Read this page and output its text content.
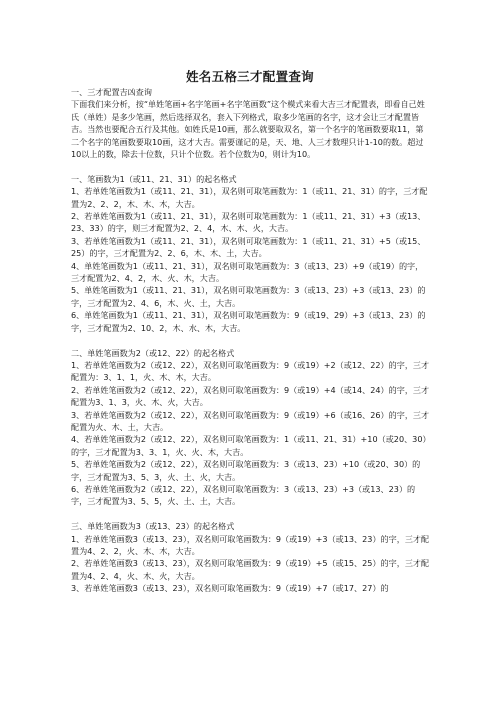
姓名五格三才配置查询

一、三才配置吉凶查询

下面我们来分析，按“单姓笔画+名字笔画+名字笔画数”这个模式来看大吉三才配置表，即看自己姓氏（单姓）是多少笔画，然后选择双名，套入下列格式，取多少笔画的名字，这才会让三才配置皆吉。当然也要配合五行及其他。如姓氏是10画，那么就要取双名，第一个名字的笔画数要取11，第二个名字的笔画数要取10画，这才大吉。需要谨记的是，天、地、人三才数理只计1-10的数。超过10以上的数，除去十位数，只计个位数。若个位数为0，则计为10。

一、笔画数为1（或11、21、31）的起名格式

1、若单姓笔画数为1（或11、21、31），双名则可取笔画数为：1（或11、21、31）的字，三才配置为2、2、2，木、木、木，大吉。

2、若单姓笔画数为1（或11、21、31），双名则可取笔画数为：1（或11、21、31）+3（或13、23、33）的字，则三才配置为2、2、4，木、木、火，大吉。

3、若单姓笔画数为1（或11、21、31），双名则可取笔画数为：1（或11、21、31）+5（或15、25）的字，三才配置为2、2、6，木、木、土，大吉。

4、单姓笔画数为1（或11、21、31），双名则可取笔画数为：3（或13、23）+9（或19）的字，三才配置为2、4、2，木、火、木，大吉。

5、单姓笔画数为1（或11、21、31），双名则可取笔画数为：3（或13、23）+3（或13、23）的字，三才配置为2、4、6，木、火、土，大吉。

6、单姓笔画数为1（或11、21、31），双名则可取笔画数为：9（或19、29）+3（或13、23）的字，三才配置为2、10、2，木、水、木，大吉。

二、单姓笔画数为2（或12、22）的起名格式

1、若单姓笔画数为2（或12、22），双名则可取笔画数为：9（或19）+2（或12、22）的字，三才配置为：3、1、1，火、木、木，大吉。

2、若单姓笔画数为2（或12、22），双名则可取笔画数为：9（或19）+4（或14、24）的字，三才配置为3、1、3，火、木、火，大吉。

3、若单姓笔画数为2（或12、22），双名则可取笔画数为：9（或19）+6（或16、26）的字，三才配置为火、木、土，大吉。

4、若单姓笔画数为2（或12、22），双名则可取笔画数为：1（或11、21、31）+10（或20、30）的字，三才配置为3、3、1，火、火、木，大吉。

5、若单姓笔画数为2（或12、22），双名则可取笔画数为：3（或13、23）+10（或20、30）的字，三才配置为3、5、3，火、土、火，大吉。

6、若单姓笔画数为2（或12、22），双名则可取笔画数为：3（或13、23）+3（或13、23）的字，三才配置为3、5、5，火、土、土，大吉。

三、单姓笔画数为3（或13、23）的起名格式

1、若单姓笔画数3（或13、23），双名则可取笔画数为：9（或19）+3（或13、23）的字，三才配置为4、2、2，火、木、木，大吉。

2、若单姓笔画数3（或13、23），双名则可取笔画数为：9（或19）+5（或15、25）的字，三才配置为4、2、4，火、木、火，大吉。

3、若单姓笔画数3（或13、23），双名则可取笔画数为：9（或19）+7（或17、27）的
